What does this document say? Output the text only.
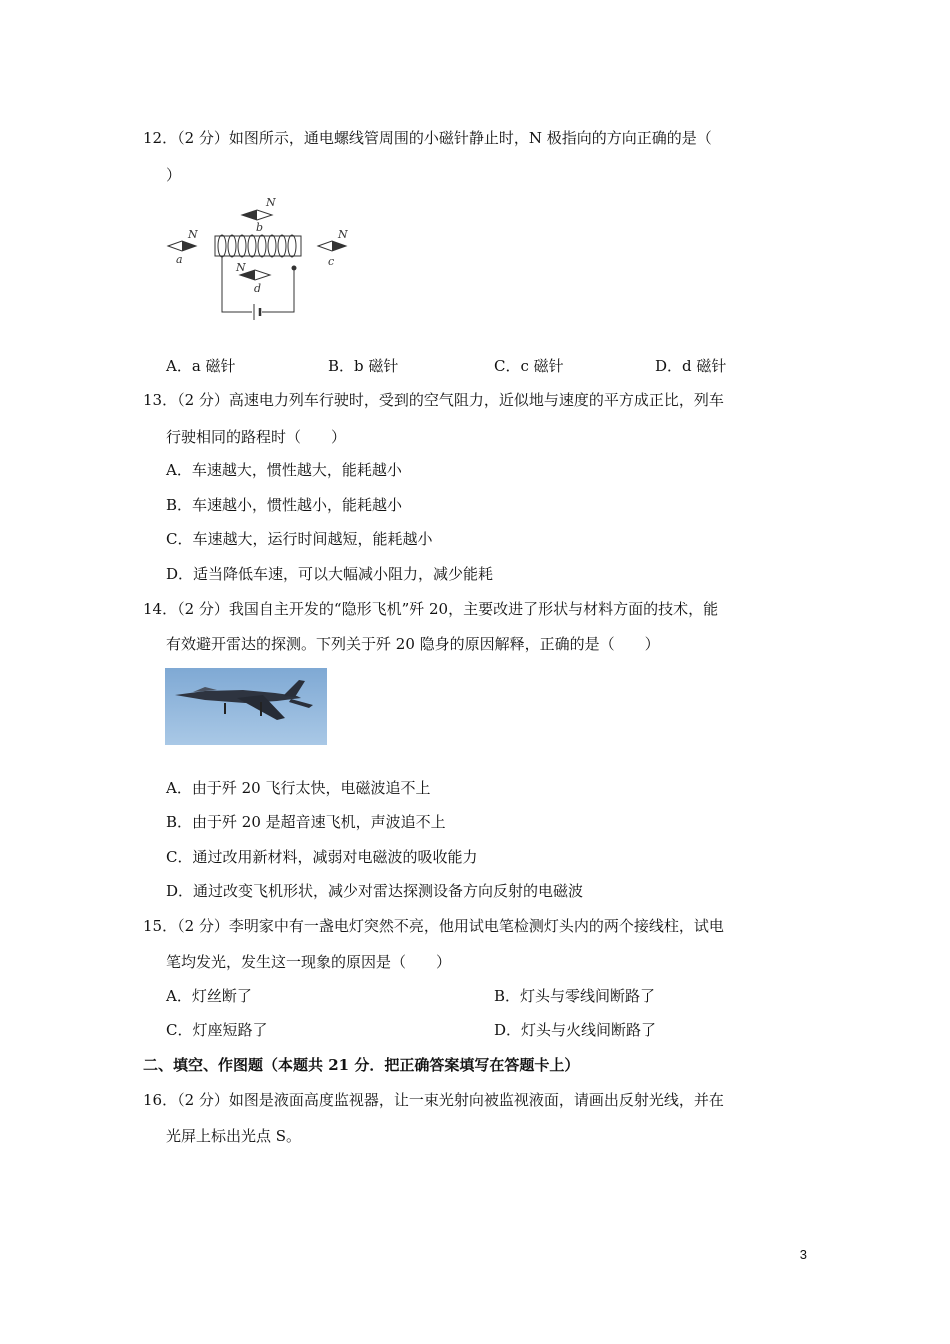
12．（2 分）如图所示，通电螺线管周围的小磁针静止时，N 极指向的方向正确的是（
）
N
b
N
a
N
c
N
d
A．a 磁针	B．b 磁针	C．c 磁针	D．d 磁针
13．（2 分）高速电力列车行驶时，受到的空气阻力，近似地与速度的平方成正比，列车
行驶相同的路程时（　　）
A．车速越大，惯性越大，能耗越小
B．车速越小，惯性越小，能耗越小
C．车速越大，运行时间越短，能耗越小
D．适当降低车速，可以大幅减小阻力，减少能耗
14．（2 分）我国自主开发的“隐形飞机”歼 20，主要改进了形状与材料方面的技术，能
有效避开雷达的探测。下列关于歼 20 隐身的原因解释，正确的是（　　）
A．由于歼 20 飞行太快，电磁波追不上
B．由于歼 20 是超音速飞机，声波追不上
C．通过改用新材料，减弱对电磁波的吸收能力
D．通过改变飞机形状，减少对雷达探测设备方向反射的电磁波
15．（2 分）李明家中有一盏电灯突然不亮，他用试电笔检测灯头内的两个接线柱，试电
笔均发光，发生这一现象的原因是（　　）
A．灯丝断了	B．灯头与零线间断路了
C．灯座短路了	D．灯头与火线间断路了
二、填空、作图题（本题共 21 分．把正确答案填写在答题卡上）
16．（2 分）如图是液面高度监视器，让一束光射向被监视液面，请画出反射光线，并在
光屏上标出光点 S。
3
